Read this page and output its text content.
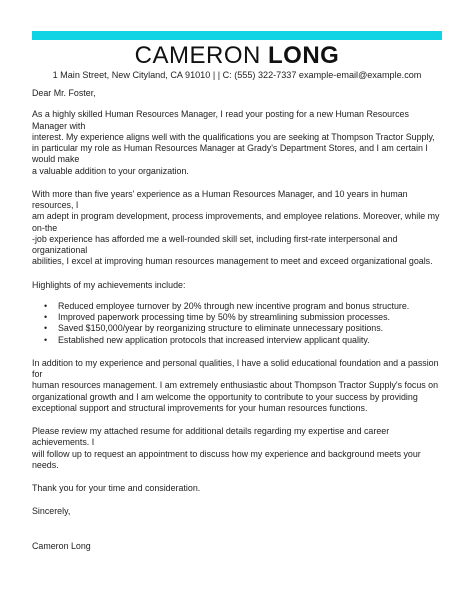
CAMERON LONG
1 Main Street, New Cityland, CA 91010 | | C: (555) 322-7337 example-email@example.com

Dear Mr. Foster,

As a highly skilled Human Resources Manager, I read your posting for a new Human Resources Manager with

interest. My experience aligns well with the qualifications you are seeking at Thompson Tractor Supply,

in particular my role as Human Resources Manager at Grady's Department Stores, and I am certain I would make

a valuable addition to your organization.

With more than five years' experience as a Human Resources Manager, and 10 years in human resources, I

am adept in program development, process improvements, and employee relations. Moreover, while my on-the

-job experience has afforded me a well-rounded skill set, including first-rate interpersonal and organizational

abilities, I excel at improving human resources management to meet and exceed organizational goals.

Highlights of my achievements include:

• Reduced employee turnover by 20% through new incentive program and bonus structure.
• Improved paperwork processing time by 50% by streamlining submission processes.
• Saved $150,000/year by reorganizing structure to eliminate unnecessary positions.
• Established new application protocols that increased interview applicant quality.

In addition to my experience and personal qualities, I have a solid educational foundation and a passion for

human resources management. I am extremely enthusiastic about Thompson Tractor Supply's focus on

organizational growth and I am welcome the opportunity to contribute to your success by providing

exceptional support and structural improvements for your human resources functions.

Please review my attached resume for additional details regarding my expertise and career achievements. I

will follow up to request an appointment to discuss how my experience and background meets your needs.

Thank you for your time and consideration.

Sincerely,

Cameron Long
